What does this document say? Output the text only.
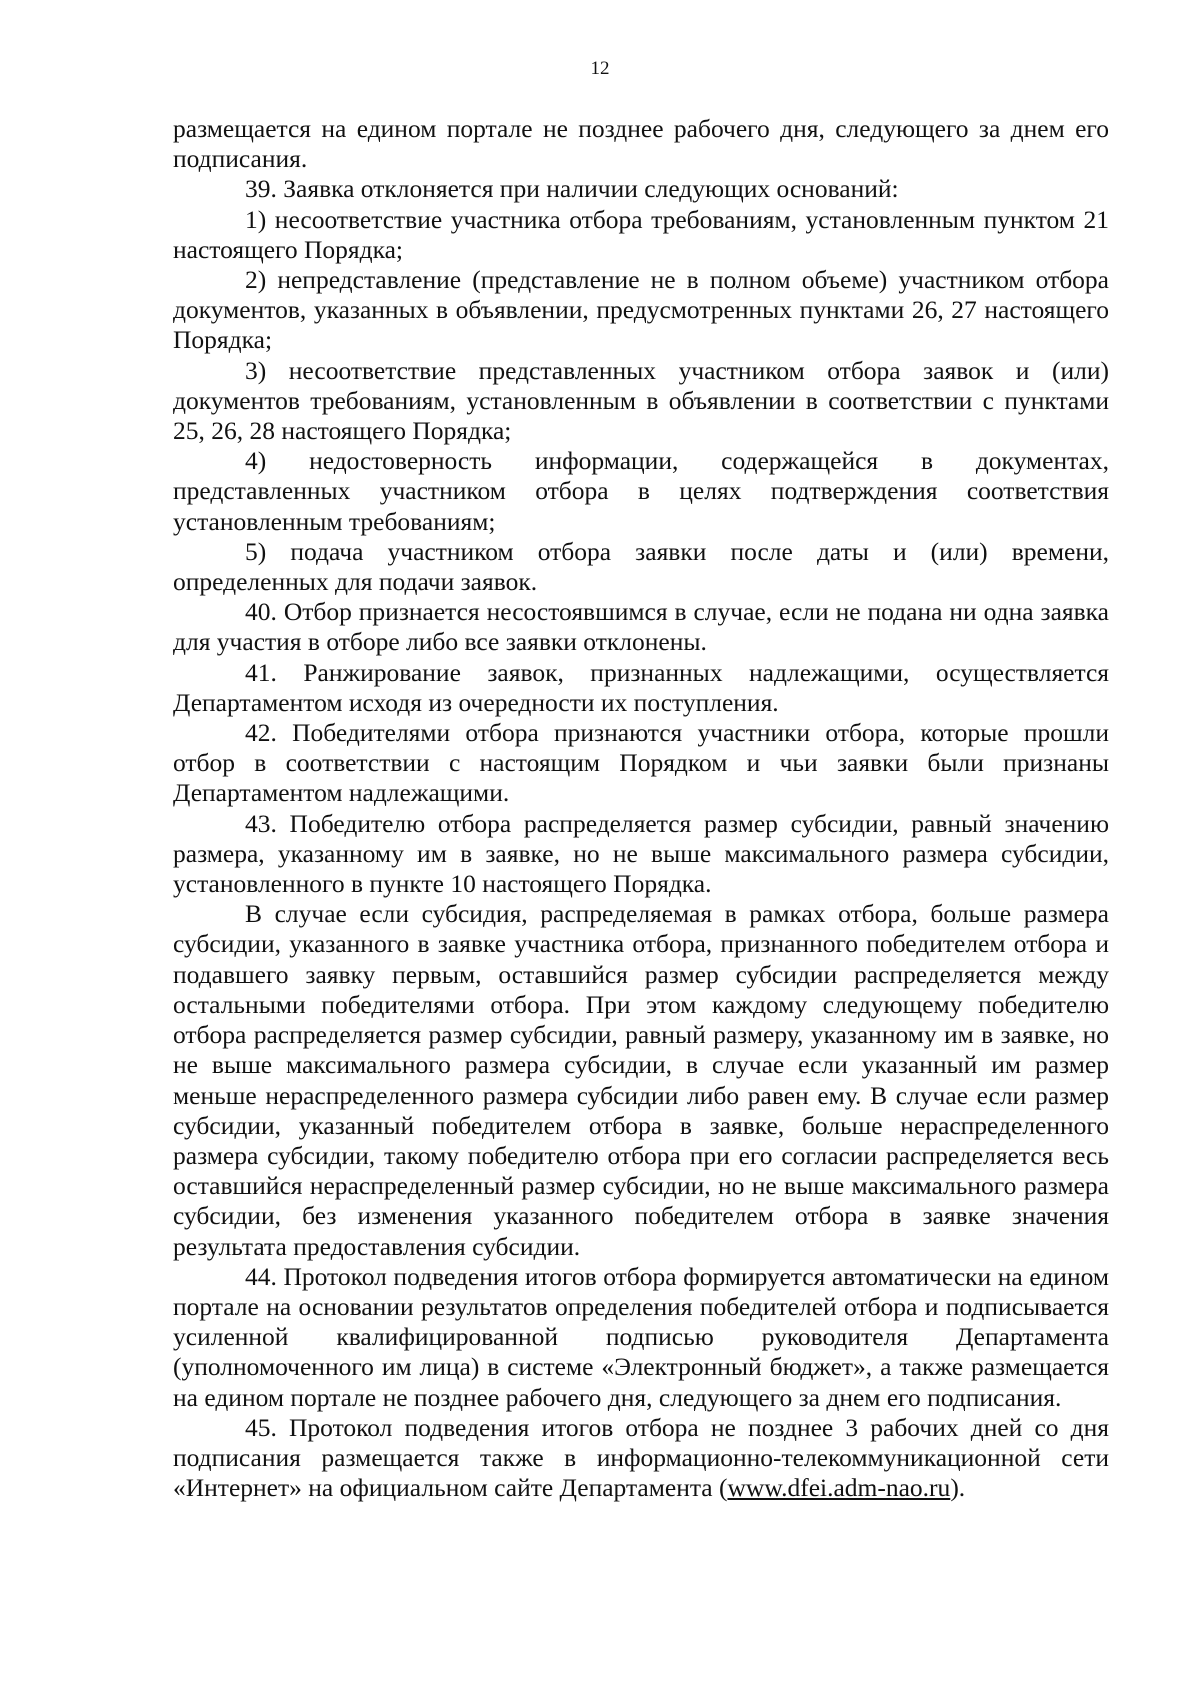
12

размещается на едином портале не позднее рабочего дня, следующего за днем его подписания.

39. Заявка отклоняется при наличии следующих оснований:

1) несоответствие участника отбора требованиям, установленным пунктом 21 настоящего Порядка;

2) непредставление (представление не в полном объеме) участником отбора документов, указанных в объявлении, предусмотренных пунктами 26, 27 настоящего Порядка;

3) несоответствие представленных участником отбора заявок и (или) документов требованиям, установленным в объявлении в соответствии с пунктами 25, 26, 28 настоящего Порядка;

4) недостоверность информации, содержащейся в документах, представленных участником отбора в целях подтверждения соответствия установленным требованиям;

5) подача участником отбора заявки после даты и (или) времени, определенных для подачи заявок.

40. Отбор признается несостоявшимся в случае, если не подана ни одна заявка для участия в отборе либо все заявки отклонены.

41. Ранжирование заявок, признанных надлежащими, осуществляется Департаментом исходя из очередности их поступления.

42. Победителями отбора признаются участники отбора, которые прошли отбор в соответствии с настоящим Порядком и чьи заявки были признаны Департаментом надлежащими.

43. Победителю отбора распределяется размер субсидии, равный значению размера, указанному им в заявке, но не выше максимального размера субсидии, установленного в пункте 10 настоящего Порядка.

В случае если субсидия, распределяемая в рамках отбора, больше размера субсидии, указанного в заявке участника отбора, признанного победителем отбора и подавшего заявку первым, оставшийся размер субсидии распределяется между остальными победителями отбора. При этом каждому следующему победителю отбора распределяется размер субсидии, равный размеру, указанному им в заявке, но не выше максимального размера субсидии, в случае если указанный им размер меньше нераспределенного размера субсидии либо равен ему. В случае если размер субсидии, указанный победителем отбора в заявке, больше нераспределенного размера субсидии, такому победителю отбора при его согласии распределяется весь оставшийся нераспределенный размер субсидии, но не выше максимального размера субсидии, без изменения указанного победителем отбора в заявке значения результата предоставления субсидии.

44. Протокол подведения итогов отбора формируется автоматически на едином портале на основании результатов определения победителей отбора и подписывается усиленной квалифицированной подписью руководителя Департамента (уполномоченного им лица) в системе «Электронный бюджет», а также размещается на едином портале не позднее рабочего дня, следующего за днем его подписания.

45. Протокол подведения итогов отбора не позднее 3 рабочих дней со дня подписания размещается также в информационно-телекоммуникационной сети «Интернет» на официальном сайте Департамента (www.dfei.adm-nao.ru).
